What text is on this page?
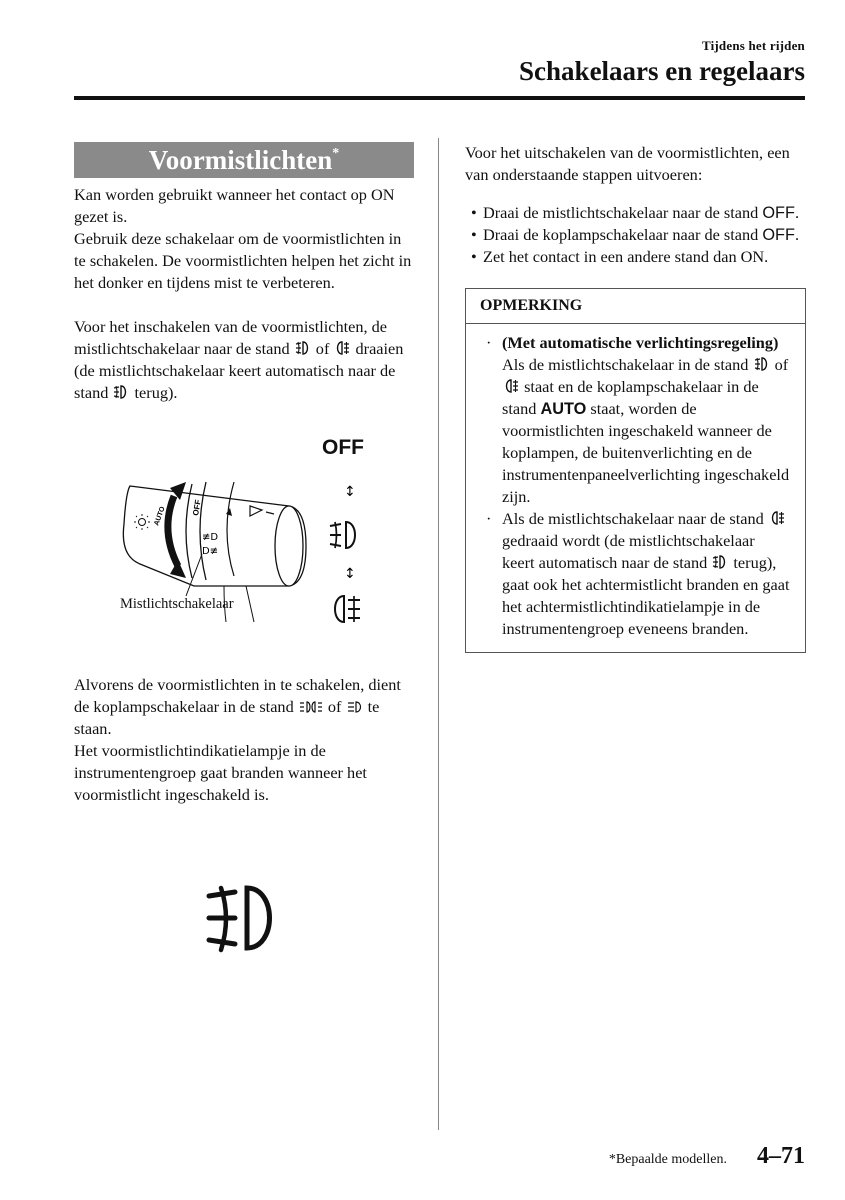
Tijdens het rijden
Schakelaars en regelaars
Voormistlichten*
Kan worden gebruikt wanneer het contact op ON gezet is.
Gebruik deze schakelaar om de voormistlichten in te schakelen. De voormistlichten helpen het zicht in het donker en tijdens mist te verbeteren.
Voor het inschakelen van de voormistlichten, de mistlichtschakelaar naar de stand of draaien (de mistlichtschakelaar keert automatisch naar de stand terug).
OFF
OFF
AUTO
≢D
D≢
↕
↕
Mistlichtschakelaar
Alvorens de voormistlichten in te schakelen, dient de koplampschakelaar in de stand of te staan.
Het voormistlichtindikatielampje in de instrumentengroep gaat branden wanneer het voormistlicht ingeschakeld is.
Voor het uitschakelen van de voormistlichten, een van onderstaande stappen uitvoeren:
• Draai de mistlichtschakelaar naar de stand OFF.
• Draai de koplampschakelaar naar de stand OFF.
• Zet het contact in een andere stand dan ON.
OPMERKING
· (Met automatische verlichtingsregeling)
Als de mistlichtschakelaar in de stand of  staat en de koplampschakelaar in de stand AUTO staat, worden de voormistlichten ingeschakeld wanneer de koplampen, de buitenverlichting en de instrumentenpaneelverlichting ingeschakeld zijn.
· Als de mistlichtschakelaar naar de stand  gedraaid wordt (de mistlichtschakelaar keert automatisch naar de stand terug), gaat ook het achtermistlicht branden en gaat het achtermistlichtindikatielampje in de instrumentengroep eveneens branden.
*Bepaalde modellen. 4–71
